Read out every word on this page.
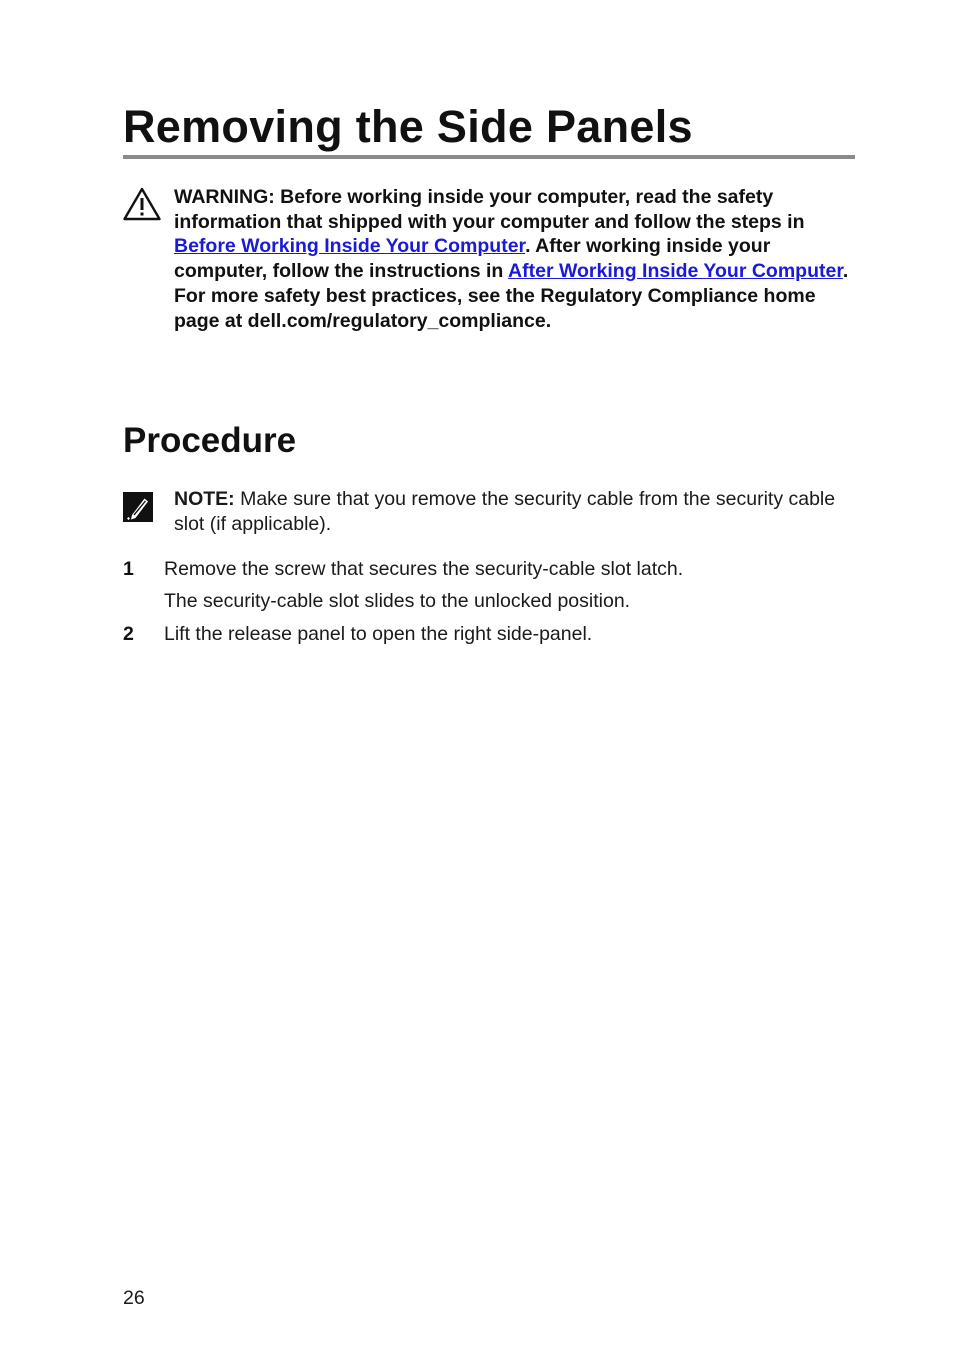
Removing the Side Panels
WARNING: Before working inside your computer, read the safety information that shipped with your computer and follow the steps in Before Working Inside Your Computer. After working inside your computer, follow the instructions in After Working Inside Your Computer. For more safety best practices, see the Regulatory Compliance home page at dell.com/regulatory_compliance.
Procedure
NOTE: Make sure that you remove the security cable from the security cable slot (if applicable).
1 Remove the screw that secures the security-cable slot latch.
The security-cable slot slides to the unlocked position.
2 Lift the release panel to open the right side-panel.
26
